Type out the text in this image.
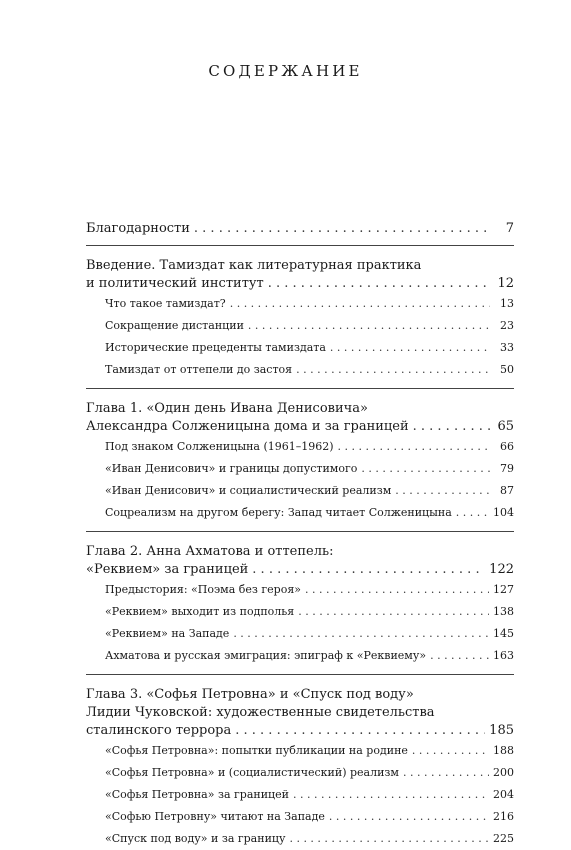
СОДЕРЖАНИЕ
Благодарности . . .	7
Введение. Тамиздат как литературная практика
и политический институт . . .	12
Что такое тамиздат? . . .	13
Сокращение дистанции . . .	23
Исторические прецеденты тамиздата . . .	33
Тамиздат от оттепели до застоя . . .	50
Глава 1. «Один день Ивана Денисовича»
Александра Солженицына дома и за границей . . .	65
Под знаком Солженицына (1961–1962) . . .	66
«Иван Денисович» и границы допустимого . . .	79
«Иван Денисович» и социалистический реализм . . .	87
Соцреализм на другом берегу: Запад читает Солженицына . . .	104
Глава 2. Анна Ахматова и оттепель:
«Реквием» за границей . . .	122
Предыстория: «Поэма без героя» . . .	127
«Реквием» выходит из подполья . . .	138
«Реквием» на Западе . . .	145
Ахматова и русская эмиграция: эпиграф к «Реквиему» . . .	163
Глава 3. «Софья Петровна» и «Спуск под воду»
Лидии Чуковской: художественные свидетельства
сталинского террора . . .	185
«Софья Петровна»: попытки публикации на родине . . .	188
«Софья Петровна» и (социалистический) реализм . . .	200
«Софья Петровна» за границей . . .	204
«Софью Петровну» читают на Западе . . .	216
«Спуск под воду» и за границу . . .	225
